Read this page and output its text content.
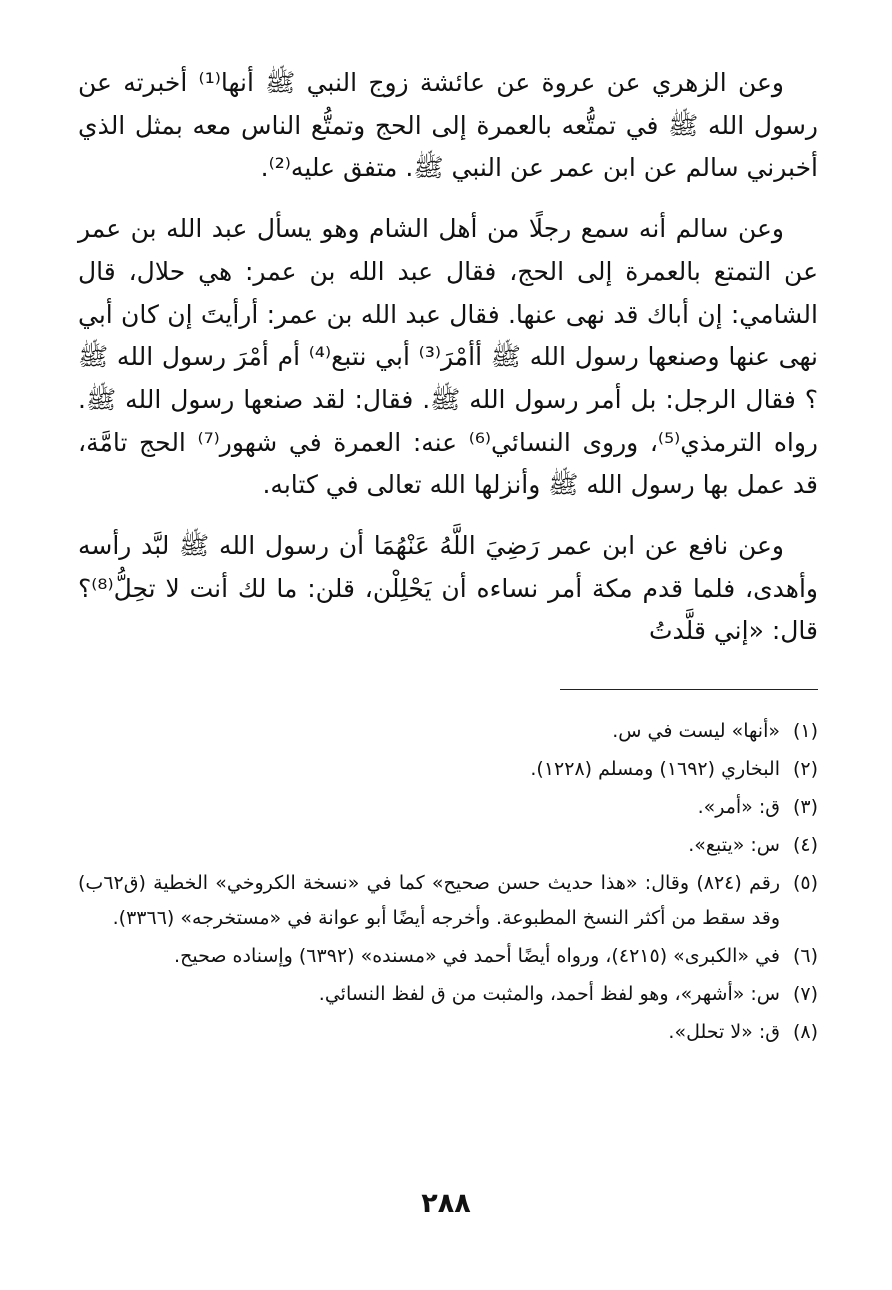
وعن الزهري عن عروة عن عائشة زوج النبي ﷺ أنها⁽¹⁾ أخبرته عن رسول الله ﷺ في تمتُّعه بالعمرة إلى الحج وتمتُّع الناس معه بمثل الذي أخبرني سالم عن ابن عمر عن النبي ﷺ. متفق عليه⁽²⁾.

وعن سالم أنه سمع رجلًا من أهل الشام وهو يسأل عبد الله بن عمر عن التمتع بالعمرة إلى الحج، فقال عبد الله بن عمر: هي حلال، قال الشامي: إن أباك قد نهى عنها. فقال عبد الله بن عمر: أرأيتَ إن كان أبي نهى عنها وصنعها رسول الله ﷺ أأمْرَ⁽³⁾ أبي نتبع⁽⁴⁾ أم أمْرَ رسول الله ﷺ ؟ فقال الرجل: بل أمر رسول الله ﷺ. فقال: لقد صنعها رسول الله ﷺ. رواه الترمذي⁽⁵⁾، وروى النسائي⁽⁶⁾ عنه: العمرة في شهور⁽⁷⁾ الحج تامَّة، قد عمل بها رسول الله ﷺ وأنزلها الله تعالى في كتابه.

وعن نافع عن ابن عمر رَضِيَ اللَّهُ عَنْهُمَا أن رسول الله ﷺ لبَّد رأسه وأهدى، فلما قدم مكة أمر نساءه أن يَحْلِلْن، قلن: ما لك أنت لا تحِلُّ⁽⁸⁾؟ قال: «إني قلَّدتُ

(١)
«أنها» ليست في س.
(٢)
البخاري (١٦٩٢) ومسلم (١٢٢٨).
(٣)
ق: «أمر».
(٤)
س: «يتبع».
(٥)
رقم (٨٢٤) وقال: «هذا حديث حسن صحيح» كما في «نسخة الكروخي» الخطية (ق٦٢ب) وقد سقط من أكثر النسخ المطبوعة. وأخرجه أيضًا أبو عوانة في «مستخرجه» (٣٣٦٦).
(٦)
في «الكبرى» (٤٢١٥)، ورواه أيضًا أحمد في «مسنده» (٦٣٩٢) وإسناده صحيح.
(٧)
س: «أشهر»، وهو لفظ أحمد، والمثبت من ق لفظ النسائي.
(٨)
ق: «لا تحلل».
٢٨٨
